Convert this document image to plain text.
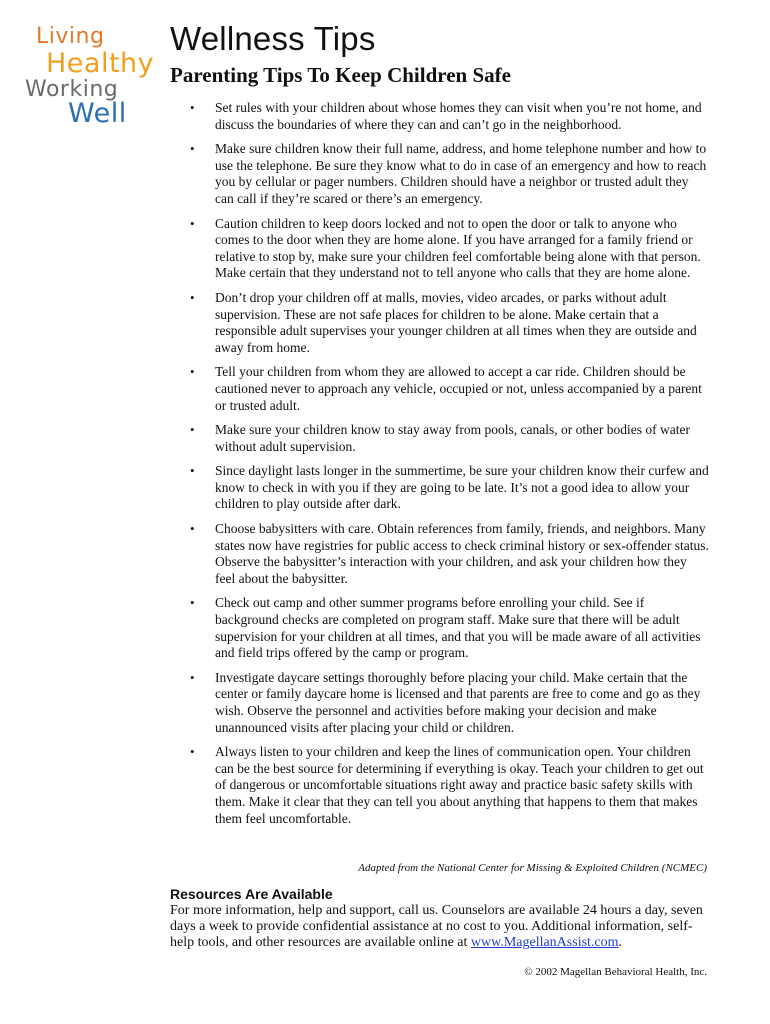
Living
Healthy
Working
Well
Wellness Tips
Parenting Tips To Keep Children Safe
• Set rules with your children about whose homes they can visit when you’re not home, and discuss the boundaries of where they can and can’t go in the neighborhood.
• Make sure children know their full name, address, and home telephone number and how to use the telephone. Be sure they know what to do in case of an emergency and how to reach you by cellular or pager numbers. Children should have a neighbor or trusted adult they can call if they’re scared or there’s an emergency.
• Caution children to keep doors locked and not to open the door or talk to anyone who comes to the door when they are home alone. If you have arranged for a family friend or relative to stop by, make sure your children feel comfortable being alone with that person. Make certain that they understand not to tell anyone who calls that they are home alone.
• Don’t drop your children off at malls, movies, video arcades, or parks without adult supervision. These are not safe places for children to be alone. Make certain that a responsible adult supervises your younger children at all times when they are outside and away from home.
• Tell your children from whom they are allowed to accept a car ride. Children should be cautioned never to approach any vehicle, occupied or not, unless accompanied by a parent or trusted adult.
• Make sure your children know to stay away from pools, canals, or other bodies of water without adult supervision.
• Since daylight lasts longer in the summertime, be sure your children know their curfew and know to check in with you if they are going to be late. It’s not a good idea to allow your children to play outside after dark.
• Choose babysitters with care. Obtain references from family, friends, and neighbors. Many states now have registries for public access to check criminal history or sex-offender status. Observe the babysitter’s interaction with your children, and ask your children how they feel about the babysitter.
• Check out camp and other summer programs before enrolling your child. See if background checks are completed on program staff. Make sure that there will be adult supervision for your children at all times, and that you will be made aware of all activities and field trips offered by the camp or program.
• Investigate daycare settings thoroughly before placing your child. Make certain that the center or family daycare home is licensed and that parents are free to come and go as they wish. Observe the personnel and activities before making your decision and make unannounced visits after placing your child or children.
• Always listen to your children and keep the lines of communication open. Your children can be the best source for determining if everything is okay. Teach your children to get out of dangerous or uncomfortable situations right away and practice basic safety skills with them. Make it clear that they can tell you about anything that happens to them that makes them feel uncomfortable.

Adapted from the National Center for Missing & Exploited Children (NCMEC)

Resources Are Available

For more information, help and support, call us. Counselors are available 24 hours a day, seven days a week to provide confidential assistance at no cost to you. Additional information, self-help tools, and other resources are available online at www.MagellanAssist.com.

© 2002 Magellan Behavioral Health, Inc.
